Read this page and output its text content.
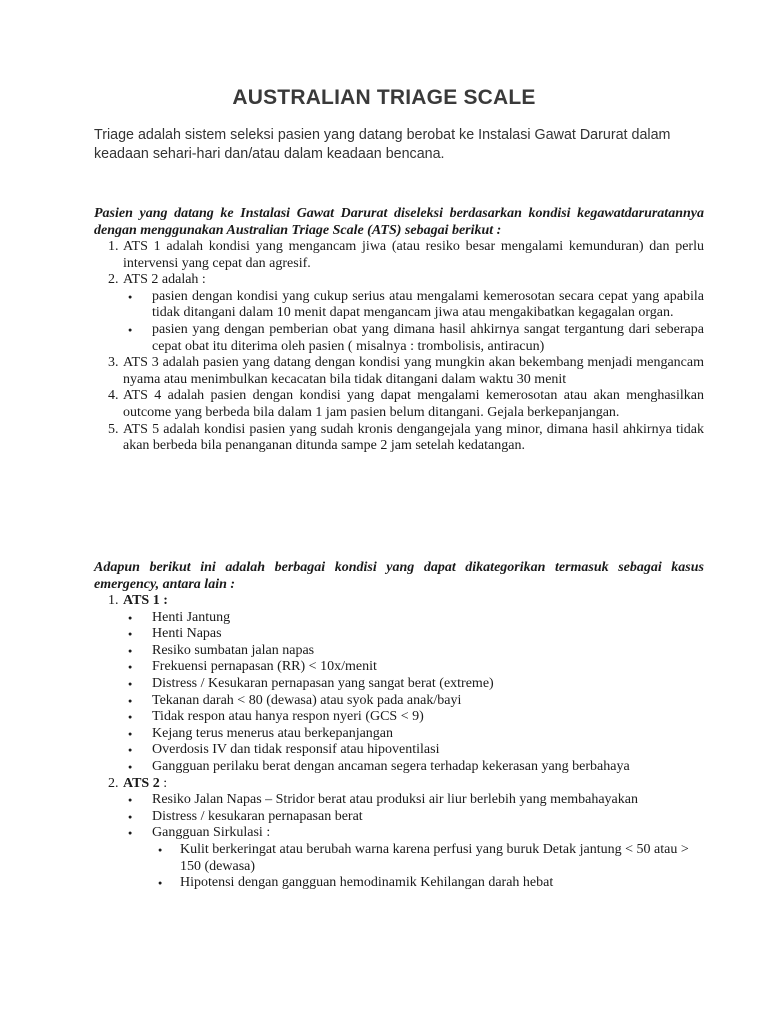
AUSTRALIAN TRIAGE SCALE

Triage adalah sistem seleksi pasien yang datang berobat ke Instalasi Gawat Darurat dalam keadaan sehari-hari dan/atau dalam keadaan bencana.

Pasien yang datang ke Instalasi Gawat Darurat diseleksi berdasarkan kondisi kegawatdaruratannya dengan menggunakan Australian Triage Scale (ATS) sebagai berikut :

1. ATS 1 adalah kondisi yang mengancam jiwa (atau resiko besar mengalami kemunduran) dan perlu intervensi yang cepat dan agresif.
2. ATS 2 adalah :
● pasien dengan kondisi yang cukup serius atau mengalami kemerosotan secara cepat yang apabila tidak ditangani dalam 10 menit dapat mengancam jiwa atau mengakibatkan kegagalan organ.
● pasien yang dengan pemberian obat yang dimana hasil ahkirnya sangat tergantung dari seberapa cepat obat itu diterima oleh pasien ( misalnya : trombolisis, antiracun)
3. ATS 3 adalah pasien yang datang dengan kondisi yang mungkin akan bekembang menjadi mengancam nyama atau menimbulkan kecacatan bila tidak ditangani dalam waktu 30 menit
4. ATS 4 adalah pasien dengan kondisi yang dapat mengalami kemerosotan atau akan menghasilkan outcome yang berbeda bila dalam 1 jam pasien belum ditangani. Gejala berkepanjangan.
5. ATS 5 adalah kondisi pasien yang sudah kronis dengangejala yang minor, dimana hasil ahkirnya tidak akan berbeda bila penanganan ditunda sampe 2 jam setelah kedatangan.

Adapun berikut ini adalah berbagai kondisi yang dapat dikategorikan termasuk sebagai kasus emergency, antara lain :

1. ATS 1 :
● Henti Jantung
● Henti Napas
● Resiko sumbatan jalan napas
● Frekuensi pernapasan (RR) < 10x/menit
● Distress / Kesukaran pernapasan yang sangat berat (extreme)
● Tekanan darah < 80 (dewasa) atau syok pada anak/bayi
● Tidak respon atau hanya respon nyeri (GCS < 9)
● Kejang terus menerus atau berkepanjangan
● Overdosis IV dan tidak responsif atau hipoventilasi
● Gangguan perilaku berat dengan ancaman segera terhadap kekerasan yang berbahaya
2. ATS 2 :
● Resiko Jalan Napas – Stridor berat atau produksi air liur berlebih yang membahayakan
● Distress / kesukaran pernapasan berat
● Gangguan Sirkulasi :
● Kulit berkeringat atau berubah warna karena perfusi yang buruk Detak jantung < 50 atau > 150 (dewasa)
● Hipotensi dengan gangguan hemodinamik Kehilangan darah hebat
